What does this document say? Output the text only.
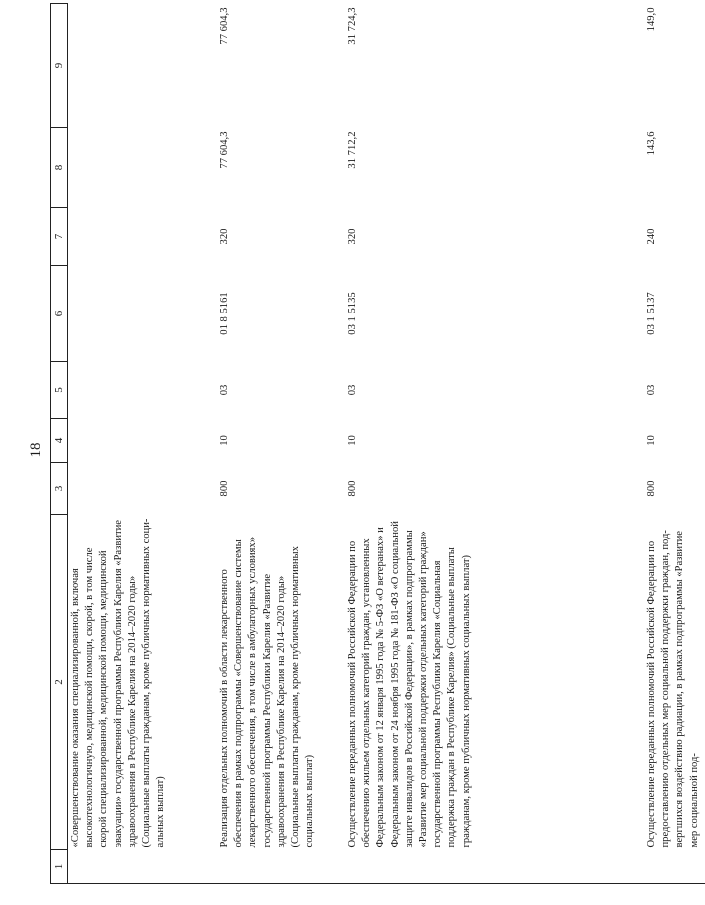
18
1	2	3	4	5	6	7	8	9
	«Совершенствование оказания специализированной, включая высокотехнологичную, медицинской помощи, скорой, в том числе скорой специализированной, медицинской помощи, медицинской эвакуации» государственной программы Республики Карелия «Развитие здравоохранения в Республике Карелия на 2014–2020 годы» (Социальные выплаты гражданам, кроме публичных нормативных социальных выплат)							
	Реализация отдельных полномочий в области лекарственного обеспечения в рамках подпрограммы «Совершенствование системы лекарственного обеспечения, в том числе в амбулаторных условиях» государственной программы Республики Карелия «Развитие здравоохранения в Республике Карелия на 2014–2020 годы» (Социальные выплаты гражданам, кроме публичных нормативных социальных выплат)	800	10	03	01 8 5161	320	77 604,3	77 604,3
	Осуществление переданных полномочий Российской Федерации по обеспечению жильем отдельных категорий граждан, установленных Федеральным законом от 12 января 1995 года № 5-ФЗ «О ветеранах» и Федеральным законом от 24 ноября 1995 года № 181-ФЗ «О социальной защите инвалидов в Российской Федерации», в рамках подпрограммы «Развитие мер социальной поддержки отдельных категорий граждан» государственной программы Республики Карелия «Социальная поддержка граждан в Республике Карелия» (Социальные выплаты гражданам, кроме публичных нормативных социальных выплат)	800	10	03	03 1 5135	320	31 712,2	31 724,3
	Осуществление переданных полномочий Российской Федерации по предоставлению отдельных мер социальной поддержки граждан, подвергшихся воздействию радиации, в рамках подпрограммы «Развитие мер социальной под-	800	10	03	03 1 5137	240	143,6	149,0
